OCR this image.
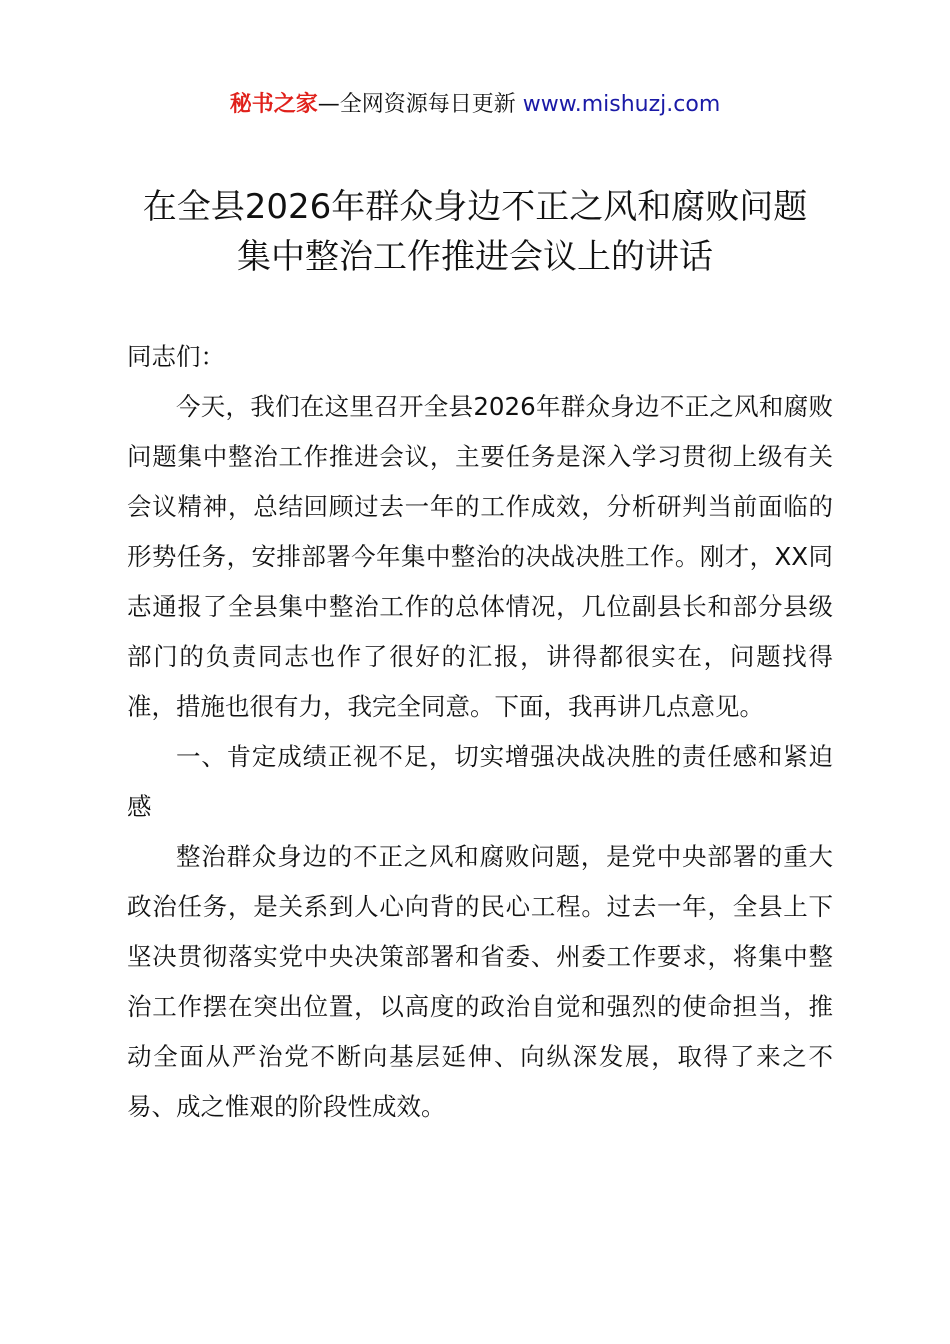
秘书之家—全网资源每日更新 www.mishuzj.com
在全县2026年群众身边不正之风和腐败问题
集中整治工作推进会议上的讲话

同志们：

今天，我们在这里召开全县2026年群众身边不正之风和腐败问题集中整治工作推进会议，主要任务是深入学习贯彻上级有关会议精神，总结回顾过去一年的工作成效，分析研判当前面临的形势任务，安排部署今年集中整治的决战决胜工作。刚才，XX同志通报了全县集中整治工作的总体情况，几位副县长和部分县级部门的负责同志也作了很好的汇报，讲得都很实在，问题找得准，措施也很有力，我完全同意。下面，我再讲几点意见。

一、肯定成绩正视不足，切实增强决战决胜的责任感和紧迫感

整治群众身边的不正之风和腐败问题，是党中央部署的重大政治任务，是关系到人心向背的民心工程。过去一年，全县上下坚决贯彻落实党中央决策部署和省委、州委工作要求，将集中整治工作摆在突出位置，以高度的政治自觉和强烈的使命担当，推动全面从严治党不断向基层延伸、向纵深发展，取得了来之不易、成之惟艰的阶段性成效。
